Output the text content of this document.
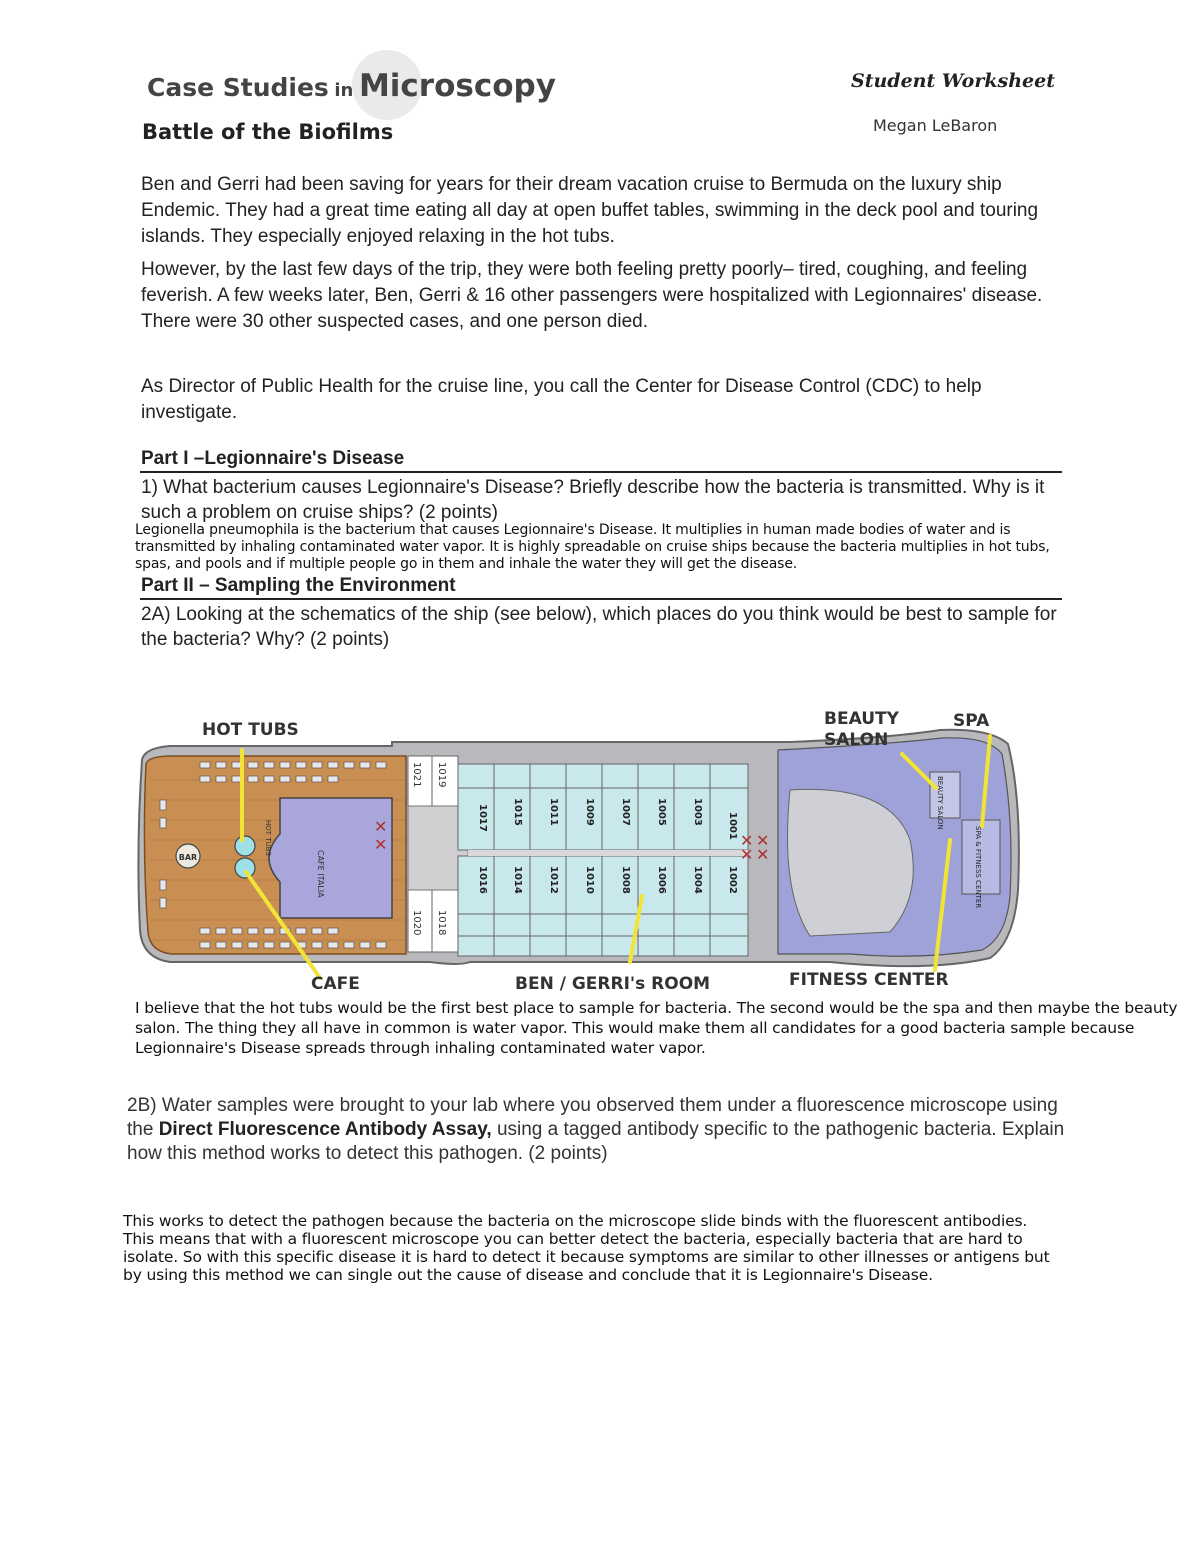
Case Studies in Microscopy	Student Worksheet
Megan LeBaron
Battle of the Biofilms
Ben and Gerri had been saving for years for their dream vacation cruise to Bermuda on the luxury ship Endemic. They had a great time eating all day at open buffet tables, swimming in the deck pool and touring islands. They especially enjoyed relaxing in the hot tubs.
However, by the last few days of the trip, they were both feeling pretty poorly– tired, coughing, and feeling feverish. A few weeks later, Ben, Gerri & 16 other passengers were hospitalized with Legionnaires' disease. There were 30 other suspected cases, and one person died.
As Director of Public Health for the cruise line, you call the Center for Disease Control (CDC) to help investigate.
Part I –Legionnaire's Disease
1) What bacterium causes Legionnaire's Disease? Briefly describe how the bacteria is transmitted. Why is it such a problem on cruise ships? (2 points)
Legionella pneumophila is the bacterium that causes Legionnaire's Disease. It multiplies in human made bodies of water and is transmitted by inhaling contaminated water vapor. It is highly spreadable on cruise ships because the bacteria multiplies in hot tubs, spas, and pools and if multiple people go in them and inhale the water they will get the disease.
Part II – Sampling the Environment
2A) Looking at the schematics of the ship (see below), which places do you think would be best to sample for the bacteria? Why? (2 points)
BAR
HOT TUBS
CAFE ITALIA
✕
✕
1021 1019
1020 1018
1017 1015	1011	1009	1007	1005	1003
1001
1016 1014	1012	1010	1008	1006	1004 1002
✕ ✕
✕ ✕
BEAUTY SALON
SPA & FITNESS CENTER
HOT TUBS
BEAUTY
SALON
SPA
CAFE	BEN / GERRI's ROOM	FITNESS CENTER
I believe that the hot tubs would be the first best place to sample for bacteria. The second would be the spa and then maybe the beauty salon. The thing they all have in common is water vapor. This would make them all candidates for a good bacteria sample because Legionnaire's Disease spreads through inhaling contaminated water vapor.
2B) Water samples were brought to your lab where you observed them under a fluorescence microscope using the Direct Fluorescence Antibody Assay, using a tagged antibody specific to the pathogenic bacteria. Explain how this method works to detect this pathogen. (2 points)
This works to detect the pathogen because the bacteria on the microscope slide binds with the fluorescent antibodies. This means that with a fluorescent microscope you can better detect the bacteria, especially bacteria that are hard to isolate. So with this specific disease it is hard to detect it because symptoms are similar to other illnesses or antigens but by using this method we can single out the cause of disease and conclude that it is Legionnaire's Disease.
